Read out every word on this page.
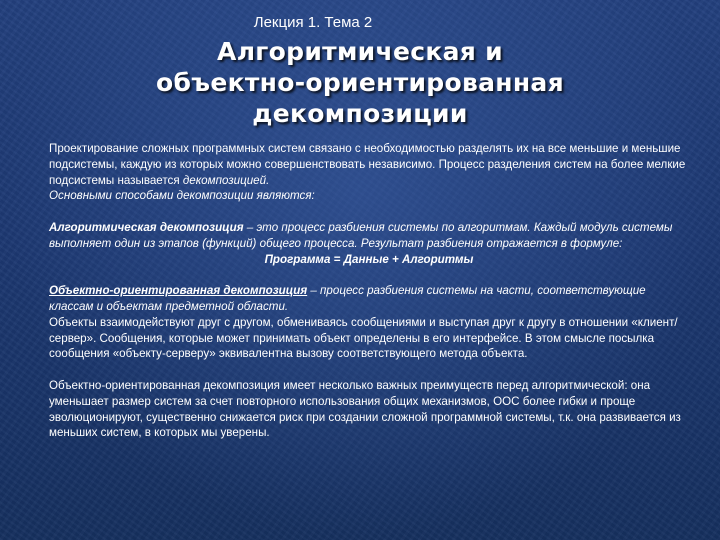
Лекция 1. Тема 2
Алгоритмическая и
объектно-ориентированная
декомпозиции

Проектирование сложных программных систем связано с необходимостью разделять их на все меньшие и меньшие подсистемы, каждую из которых можно совершенствовать независимо. Процесс разделения систем на более мелкие подсистемы называется декомпозицией.

Основными способами декомпозиции являются:

Алгоритмическая декомпозиция – это процесс разбиения системы по алгоритмам. Каждый модуль системы выполняет один из этапов (функций) общего процесса. Результат разбиения отражается в формуле:

Программа = Данные + Алгоритмы

Объектно-ориентированная декомпозиция – процесс разбиения системы на части, соответствующие классам и объектам предметной области.

Объекты взаимодействуют друг с другом, обмениваясь сообщениями и выступая друг к другу в отношении «клиент/сервер». Сообщения, которые может принимать объект определены в его интерфейсе. В этом смысле посылка сообщения «объекту-серверу» эквивалентна вызову соответствующего метода объекта.

Объектно-ориентированная декомпозиция имеет несколько важных преимуществ перед алгоритмической: она уменьшает размер систем за счет повторного использования общих механизмов, ООС более гибки и проще эволюционируют, существенно снижается риск при создании сложной программной системы, т.к. она развивается из меньших систем, в которых мы уверены.
